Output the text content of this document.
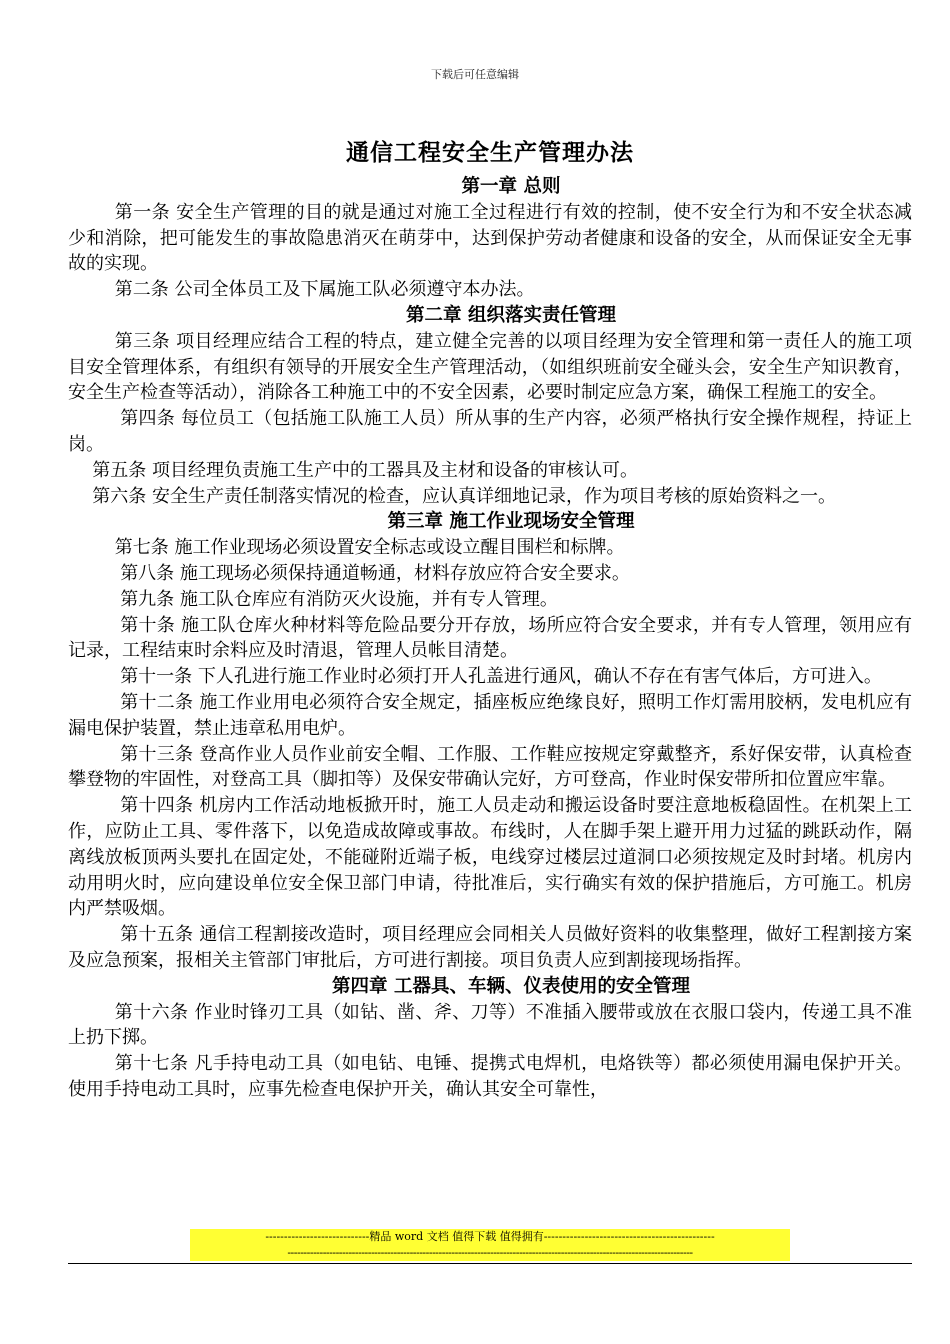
下载后可任意编辑
通信工程安全生产管理办法

第一章 总则

第一条 安全生产管理的目的就是通过对施工全过程进行有效的控制，使不安全行为和不安全状态减少和消除，把可能发生的事故隐患消灭在萌芽中，达到保护劳动者健康和设备的安全，从而保证安全无事故的实现。

第二条 公司全体员工及下属施工队必须遵守本办法。

第二章 组织落实责任管理

第三条 项目经理应结合工程的特点，建立健全完善的以项目经理为安全管理和第一责任人的施工项目安全管理体系，有组织有领导的开展安全生产管理活动，（如组织班前安全碰头会，安全生产知识教育，安全生产检查等活动），消除各工种施工中的不安全因素，必要时制定应急方案，确保工程施工的安全。

第四条 每位员工（包括施工队施工人员）所从事的生产内容，必须严格执行安全操作规程，持证上岗。

第五条 项目经理负责施工生产中的工器具及主材和设备的审核认可。

第六条 安全生产责任制落实情况的检查，应认真详细地记录，作为项目考核的原始资料之一。

第三章 施工作业现场安全管理

第七条 施工作业现场必须设置安全标志或设立醒目围栏和标牌。

第八条 施工现场必须保持通道畅通，材料存放应符合安全要求。

第九条 施工队仓库应有消防灭火设施，并有专人管理。

第十条 施工队仓库火种材料等危险品要分开存放，场所应符合安全要求，并有专人管理，领用应有记录，工程结束时余料应及时清退，管理人员帐目清楚。

第十一条 下人孔进行施工作业时必须打开人孔盖进行通风，确认不存在有害气体后，方可进入。

第十二条 施工作业用电必须符合安全规定，插座板应绝缘良好，照明工作灯需用胶柄，发电机应有漏电保护装置，禁止违章私用电炉。

第十三条 登高作业人员作业前安全帽、工作服、工作鞋应按规定穿戴整齐，系好保安带，认真检查攀登物的牢固性，对登高工具（脚扣等）及保安带确认完好，方可登高，作业时保安带所扣位置应牢靠。

第十四条 机房内工作活动地板掀开时，施工人员走动和搬运设备时要注意地板稳固性。在机架上工作，应防止工具、零件落下，以免造成故障或事故。布线时，人在脚手架上避开用力过猛的跳跃动作，隔离线放板顶两头要扎在固定处，不能碰附近端子板，电线穿过楼层过道洞口必须按规定及时封堵。机房内动用明火时，应向建设单位安全保卫部门申请，待批准后，实行确实有效的保护措施后，方可施工。机房内严禁吸烟。

第十五条 通信工程割接改造时，项目经理应会同相关人员做好资料的收集整理，做好工程割接方案及应急预案，报相关主管部门审批后，方可进行割接。项目负责人应到割接现场指挥。

第四章 工器具、车辆、仪表使用的安全管理

第十六条 作业时锋刃工具（如钻、凿、斧、刀等）不准插入腰带或放在衣服口袋内，传递工具不准上扔下掷。

第十七条 凡手持电动工具（如电钻、电锤、提携式电焊机，电烙铁等）都必须使用漏电保护开关。使用手持电动工具时，应事先检查电保护开关，确认其安全可靠性，

----------------------------精品 word 文档 值得下载 值得拥有----------------------------------------------
------------------------------------------------------------------------------------------------------------------------------
